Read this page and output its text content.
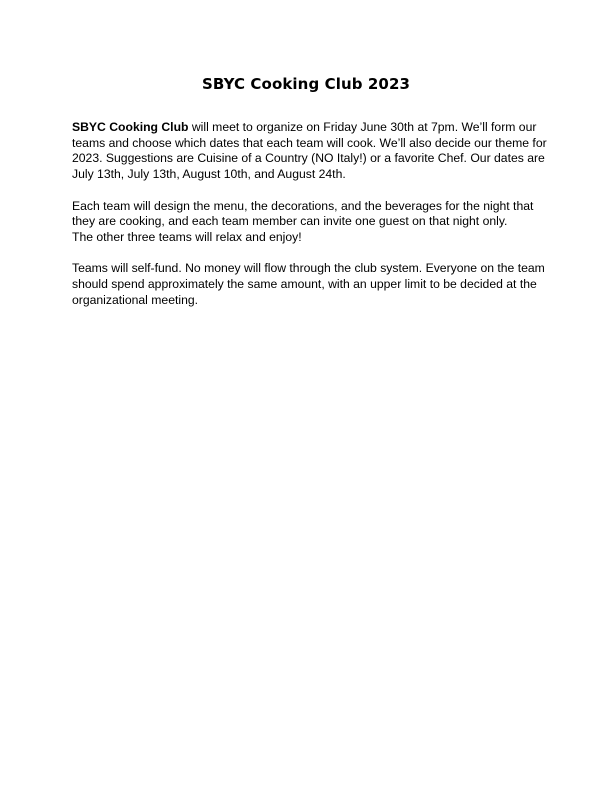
SBYC Cooking Club 2023

SBYC Cooking Club will meet to organize on Friday June 30th at 7pm. We’ll form our teams and choose which dates that each team will cook. We’ll also decide our theme for 2023. Suggestions are Cuisine of a Country (NO Italy!) or a favorite Chef. Our dates are July 13th, July 13th, August 10th, and August 24th.

Each team will design the menu, the decorations, and the beverages for the night that they are cooking, and each team member can invite one guest on that night only.

The other three teams will relax and enjoy!

Teams will self-fund. No money will flow through the club system. Everyone on the team should spend approximately the same amount, with an upper limit to be decided at the organizational meeting.
